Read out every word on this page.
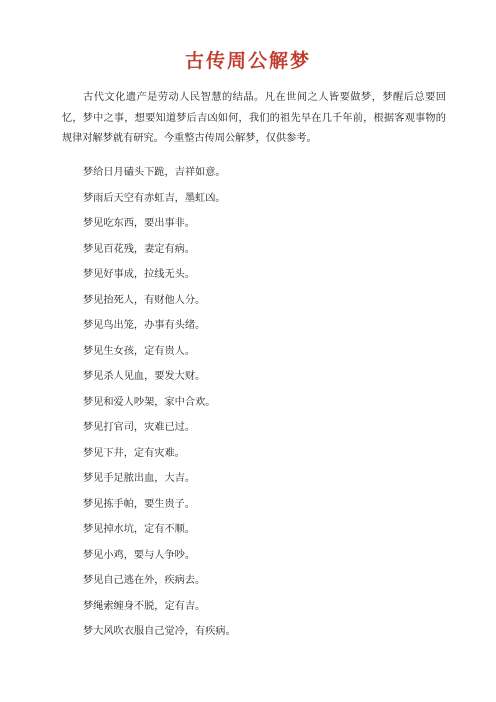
古传周公解梦

古代文化遗产是劳动人民智慧的结晶。凡在世间之人皆要做梦，梦醒后总要回忆，梦中之事，想要知道梦后吉凶如何，我们的祖先早在几千年前，根据客观事物的规律对解梦就有研究。今重整古传周公解梦，仅供参考。

梦给日月磕头下跪，吉祥如意。
梦雨后天空有赤虹吉，墨虹凶。
梦见吃东西，要出事非。
梦见百花残，妻定有病。
梦见好事成，拉线无头。
梦见抬死人，有财他人分。
梦见鸟出笼，办事有头绪。
梦见生女孩，定有贵人。
梦见杀人见血，要发大财。
梦见和爱人吵架，家中合欢。
梦见打官司，灾难已过。
梦见下井，定有灾难。
梦见手足脓出血，大吉。
梦见拣手帕，要生贵子。
梦见掉水坑，定有不顺。
梦见小鸡，要与人争吵。
梦见自己逃在外，疾病去。
梦绳索缠身不脱，定有吉。
梦大风吹衣服自己觉冷，有疾病。
